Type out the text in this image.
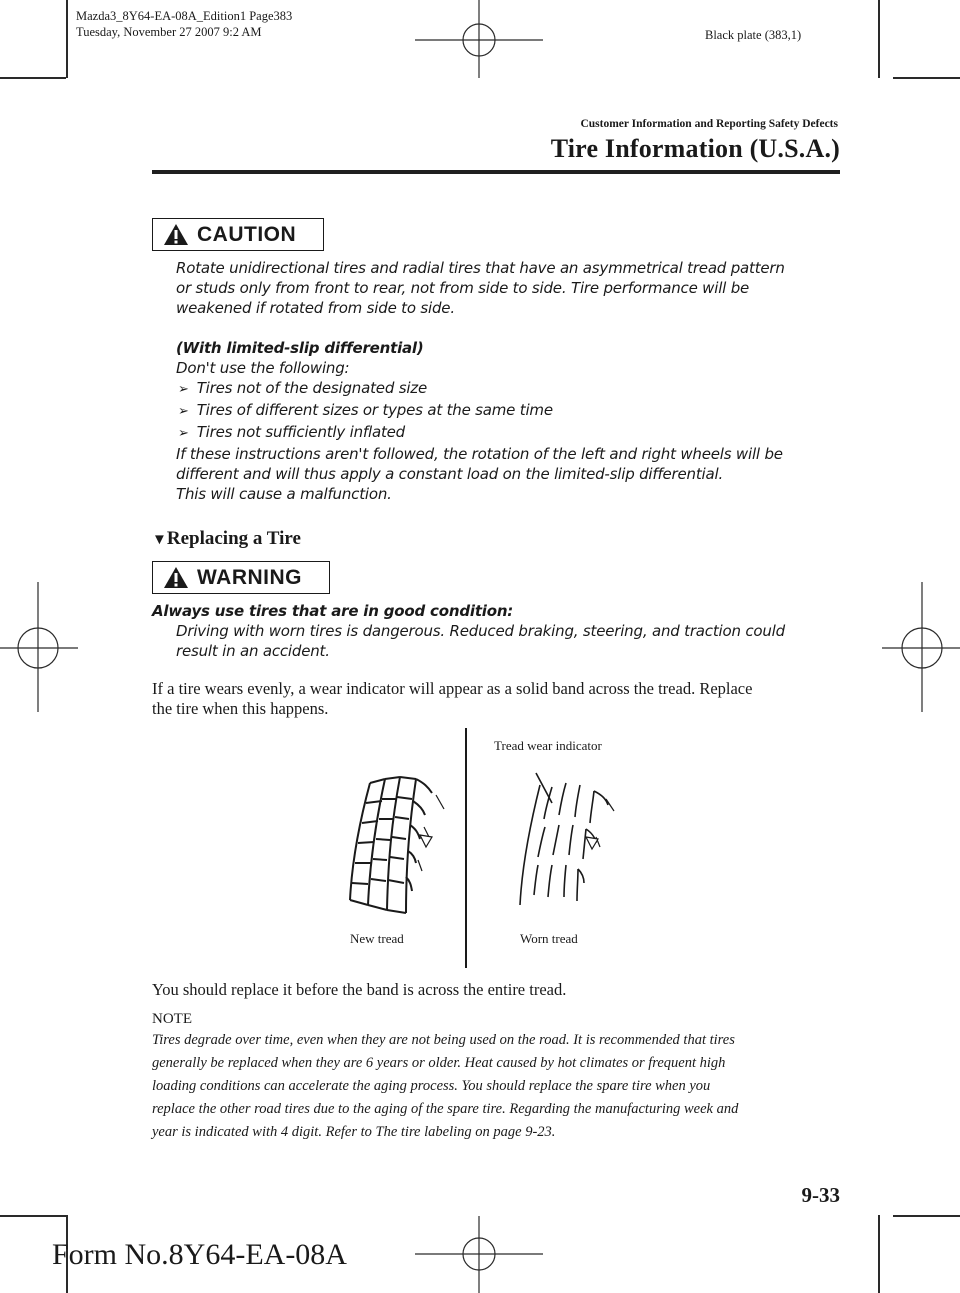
Mazda3_8Y64-EA-08A_Edition1 Page383
Tuesday, November 27 2007 9:2 AM	Black plate (383,1)
Customer Information and Reporting Safety Defects
Tire Information (U.S.A.)
CAUTION
Rotate unidirectional tires and radial tires that have an asymmetrical tread pattern
or studs only from front to rear, not from side to side. Tire performance will be
weakened if rotated from side to side.
(With limited-slip differential)
Don't use the following:
➢ Tires not of the designated size
➢ Tires of different sizes or types at the same time
➢ Tires not sufficiently inflated
If these instructions aren't followed, the rotation of the left and right wheels will be
different and will thus apply a constant load on the limited-slip differential.
This will cause a malfunction.
▼Replacing a Tire
WARNING
Always use tires that are in good condition:
Driving with worn tires is dangerous. Reduced braking, steering, and traction could
result in an accident.
If a tire wears evenly, a wear indicator will appear as a solid band across the tread. Replace
the tire when this happens.
Tread wear indicator
New tread	Worn tread
You should replace it before the band is across the entire tread.
NOTE
Tires degrade over time, even when they are not being used on the road. It is recommended that tires
generally be replaced when they are 6 years or older. Heat caused by hot climates or frequent high
loading conditions can accelerate the aging process. You should replace the spare tire when you
replace the other road tires due to the aging of the spare tire. Regarding the manufacturing week and
year is indicated with 4 digit. Refer to The tire labeling on page 9-23.
9-33
Form No.8Y64-EA-08A
